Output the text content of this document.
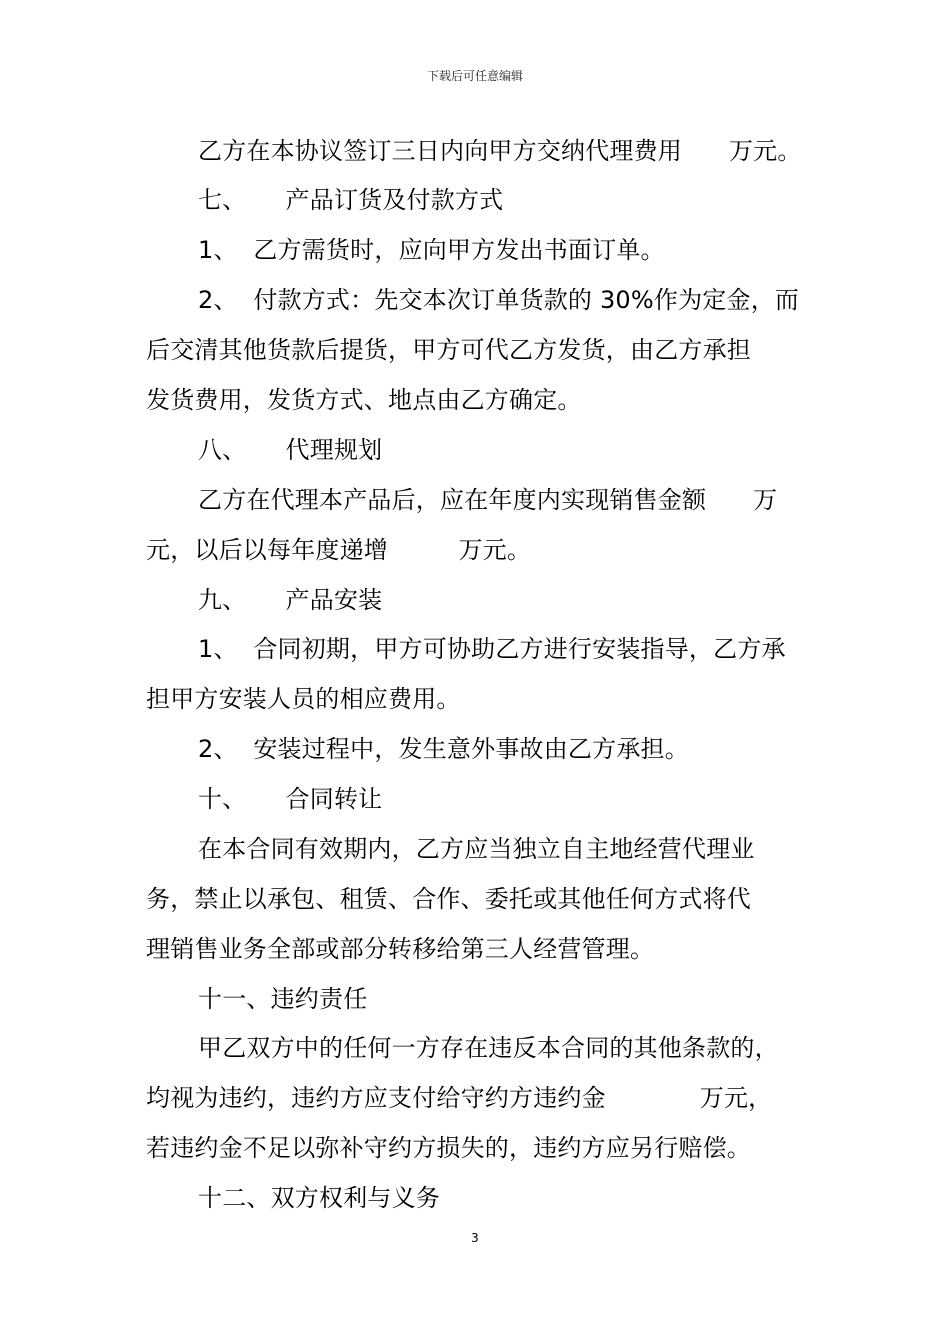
下载后可任意编辑
乙方在本协议签订三日内向甲方交纳代理费用      万元。
七、     产品订货及付款方式
1、  乙方需货时，应向甲方发出书面订单。
2、  付款方式：先交本次订单货款的 30%作为定金，而
后交清其他货款后提货，甲方可代乙方发货，由乙方承担
发货费用，发货方式、地点由乙方确定。
八、     代理规划
乙方在代理本产品后，应在年度内实现销售金额      万
元，以后以每年度递增         万元。
九、     产品安装
1、  合同初期，甲方可协助乙方进行安装指导，乙方承
担甲方安装人员的相应费用。
2、  安装过程中，发生意外事故由乙方承担。
十、     合同转让
在本合同有效期内，乙方应当独立自主地经营代理业
务，禁止以承包、租赁、合作、委托或其他任何方式将代
理销售业务全部或部分转移给第三人经营管理。
十一、违约责任
甲乙双方中的任何一方存在违反本合同的其他条款的，
均视为违约，违约方应支付给守约方违约金            万元，
若违约金不足以弥补守约方损失的，违约方应另行赔偿。
十二、双方权利与义务
3
